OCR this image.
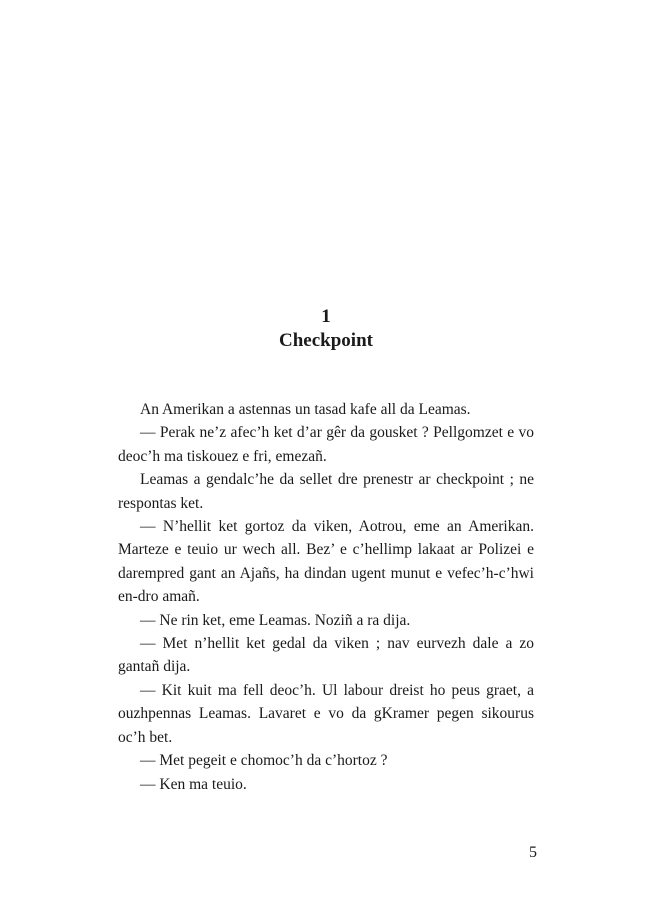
1
Checkpoint

An Amerikan a astennas un tasad kafe all da Leamas.

— Perak ne’z afec’h ket d’ar gêr da gousket ? Pellgomzet e vo deoc’h ma tiskouez e fri, emezañ.

Leamas a gendalc’he da sellet dre prenestr ar checkpoint ; ne respontas ket.

— N’hellit ket gortoz da viken, Aotrou, eme an Amerikan. Marteze e teuio ur wech all. Bez’ e c’hellimp lakaat ar Polizei e darempred gant an Ajañs, ha dindan ugent munut e vefec’h-c’hwi en-dro amañ.

— Ne rin ket, eme Leamas. Noziñ a ra dija.

— Met n’hellit ket gedal da viken ; nav eurvezh dale a zo gantañ dija.

— Kit kuit ma fell deoc’h. Ul labour dreist ho peus graet, a ouzhpennas Leamas. Lavaret e vo da gKramer pegen sikourus oc’h bet.

— Met pegeit e chomoc’h da c’hortoz ?

— Ken ma teuio.

5
